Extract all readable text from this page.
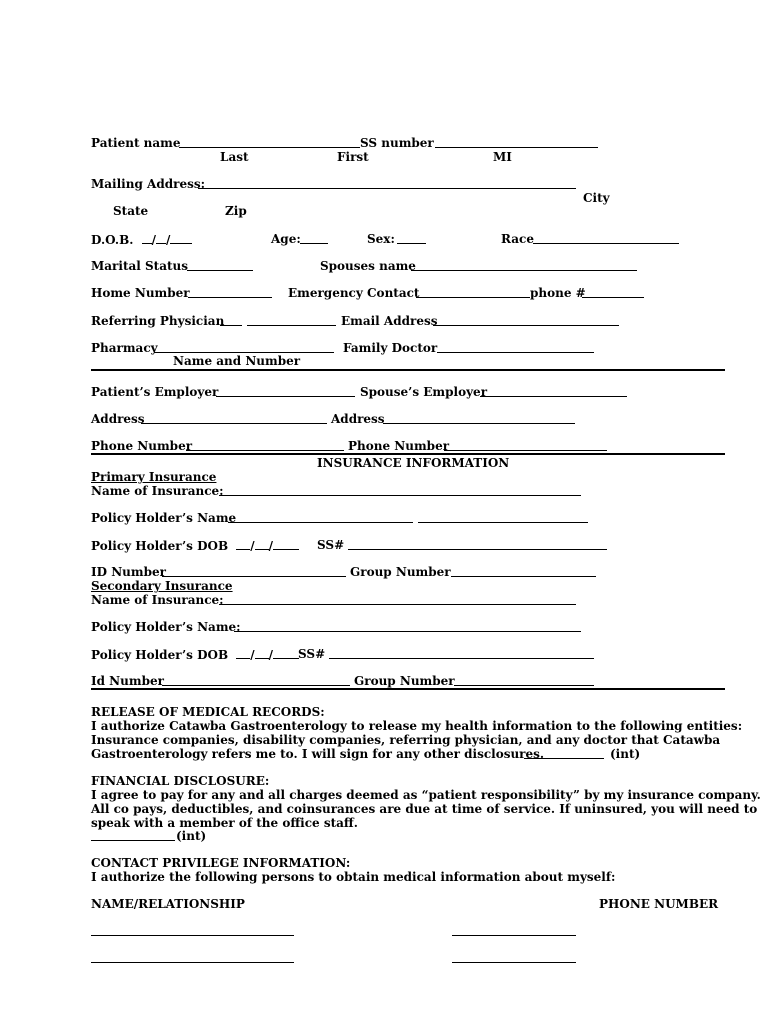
Patient name	SS number
Last	First	MI
Mailing Address:
City
State	Zip
D.O.B. / /	Age:	Sex:	Race
Marital Status	Spouses name
Home Number	Emergency Contact	phone #
Referring Physician	Email Address
Pharmacy	Family Doctor
Name and Number
Patient’s Employer	Spouse’s Employer
Address	Address
Phone Number	Phone Number
INSURANCE INFORMATION
Primary Insurance
Name of Insurance:
Policy Holder’s Name
Policy Holder’s DOB / /	SS#
ID Number	Group Number
Secondary Insurance
Name of Insurance:
Policy Holder’s Name:
Policy Holder’s DOB / /	SS#
Id Number	Group Number
RELEASE OF MEDICAL RECORDS:
I authorize Catawba Gastroenterology to release my health information to the following entities:
Insurance companies, disability companies, referring physician, and any doctor that Catawba
Gastroenterology refers me to. I will sign for any other disclosures.	(int)
FINANCIAL DISCLOSURE:
I agree to pay for any and all charges deemed as “patient responsibility” by my insurance company.
All co pays, deductibles, and coinsurances are due at time of service. If uninsured, you will need to
speak with a member of the office staff.
(int)
CONTACT PRIVILEGE INFORMATION:
I authorize the following persons to obtain medical information about myself:
NAME/RELATIONSHIP	PHONE NUMBER
